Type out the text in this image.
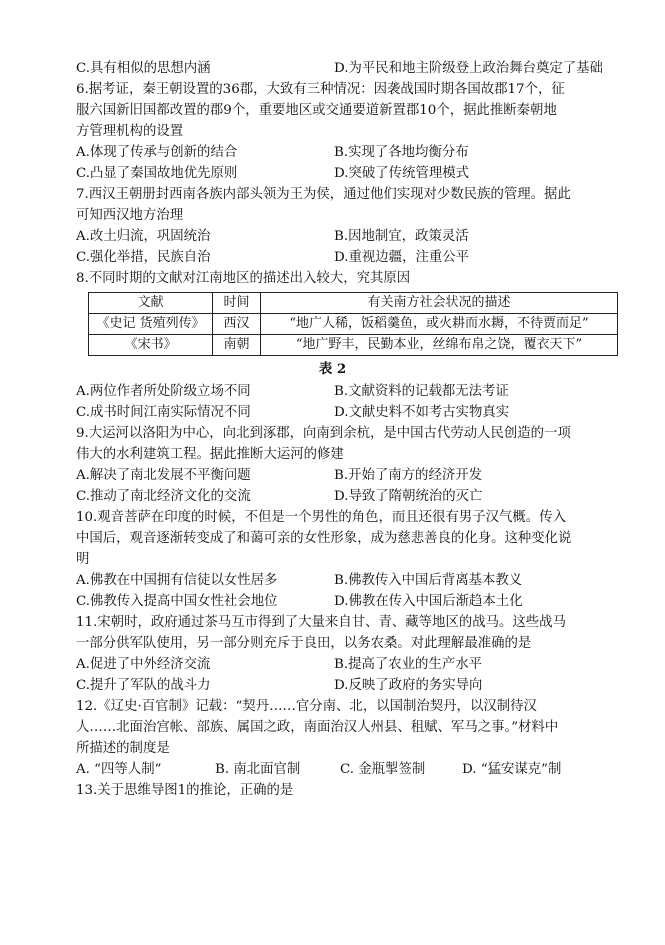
C.具有相似的思想内涵	D.为平民和地主阶级登上政治舞台奠定了基础
6.据考证，秦王朝设置的36郡，大致有三种情况：因袭战国时期各国故郡17个，征
服六国新旧国都改置的郡9个，重要地区或交通要道新置郡10个，据此推断秦朝地
方管理机构的设置
A.体现了传承与创新的结合	B.实现了各地均衡分布
C.凸显了秦国故地优先原则	D.突破了传统管理模式
7.西汉王朝册封西南各族内部头领为王为侯，通过他们实现对少数民族的管理。据此
可知西汉地方治理
A.改土归流，巩固统治	B.因地制宜，政策灵活
C.强化举措，民族自治	D.重视边疆，注重公平
8.不同时期的文献对江南地区的描述出入较大，究其原因
文献	时间	有关南方社会状况的描述
《史记 货殖列传》	西汉	“地广人稀，饭稻羹鱼，或火耕而水耨，不待贾而足”
《宋书》	南朝	“地广野丰，民勤本业，丝绵布帛之饶，覆衣天下”
表 2
A.两位作者所处阶级立场不同	B.文献资料的记载都无法考证
C.成书时间江南实际情况不同	D.文献史料不如考古实物真实
9.大运河以洛阳为中心，向北到涿郡，向南到余杭，是中国古代劳动人民创造的一项
伟大的水利建筑工程。据此推断大运河的修建
A.解决了南北发展不平衡问题	B.开始了南方的经济开发
C.推动了南北经济文化的交流	D.导致了隋朝统治的灭亡
10.观音菩萨在印度的时候，不但是一个男性的角色，而且还很有男子汉气概。传入
中国后，观音逐渐转变成了和蔼可亲的女性形象，成为慈悲善良的化身。这种变化说
明
A.佛教在中国拥有信徒以女性居多	B.佛教传入中国后背离基本教义
C.佛教传入提高中国女性社会地位	D.佛教在传入中国后渐趋本土化
11.宋朝时，政府通过茶马互市得到了大量来自甘、青、藏等地区的战马。这些战马
一部分供军队使用，另一部分则充斥于良田，以务农桑。对此理解最准确的是
A.促进了中外经济交流	B.提高了农业的生产水平
C.提升了军队的战斗力	D.反映了政府的务实导向
12.《辽史·百官制》记载：“契丹……官分南、北，以国制治契丹，以汉制待汉
人……北面治宫帐、部族、属国之政，南面治汉人州县、租赋、军马之事。”材料中
所描述的制度是
A. “四等人制”	B. 南北面官制	C. 金瓶掣签制	D. “猛安谋克”制
13.关于思维导图1的推论，正确的是
